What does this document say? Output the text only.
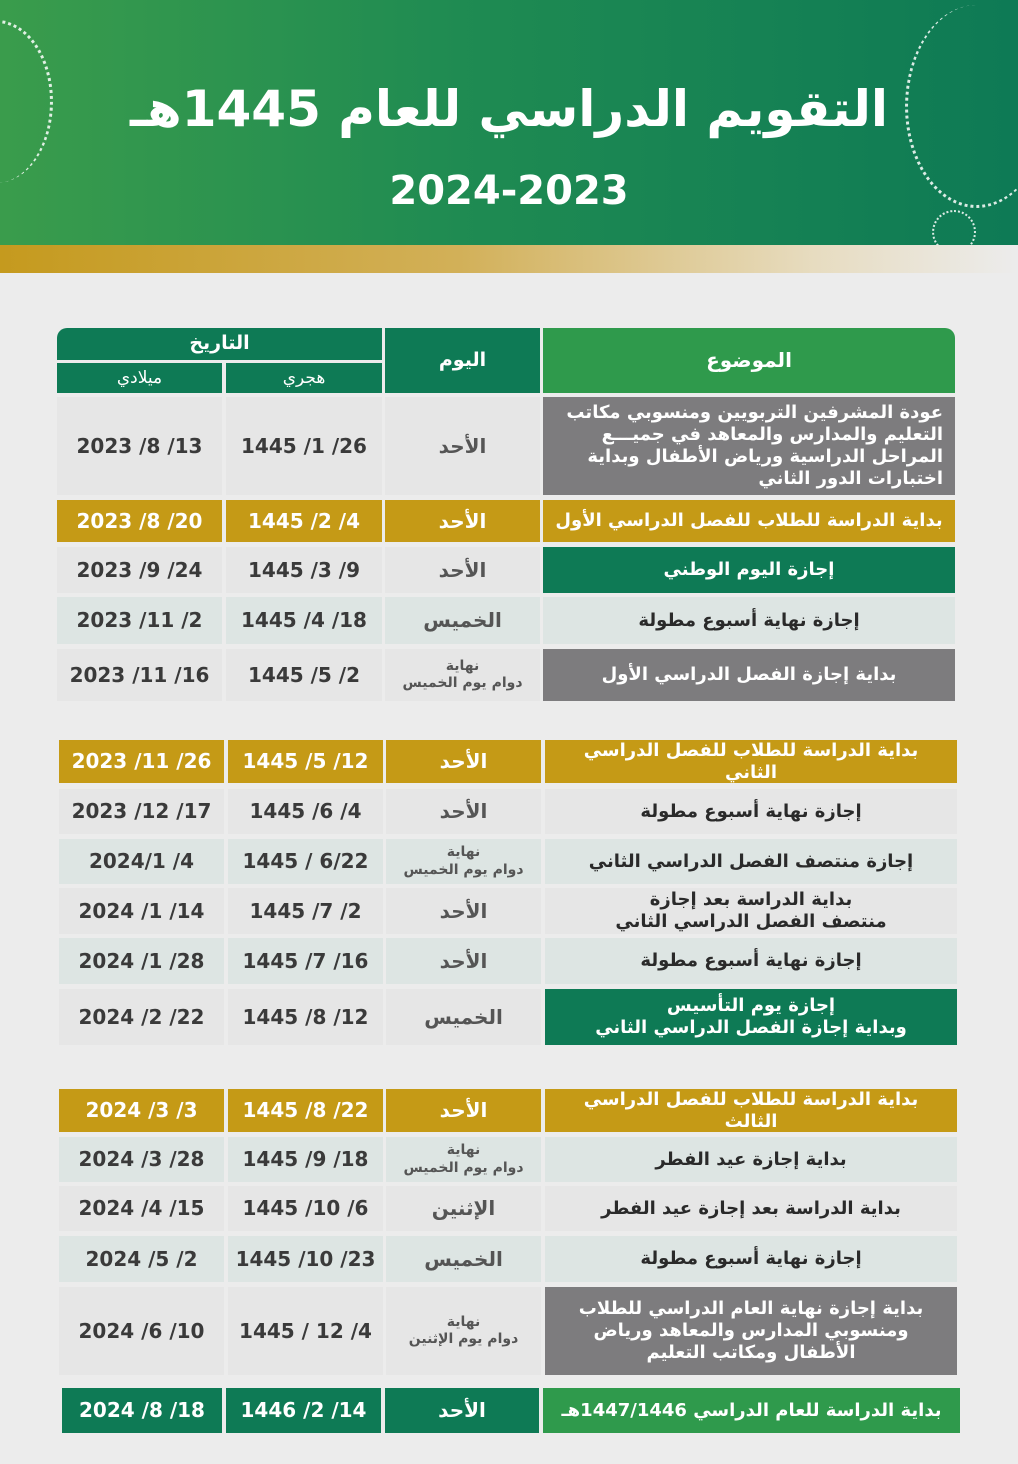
التقويم الدراسي للعام 1445هـ
2024-2023
الموضوع
اليوم
التاريخ
هجري
ميلادي
عودة المشرفين التربويين ومنسوبي مكاتب التعليم والمدارس والمعاهد في جميـــع المراحل الدراسية ورياض الأطفال وبداية اختبارات الدور الثاني
الأحد
1445 /1 /26
2023 /8 /13
بداية الدراسة للطلاب للفصل الدراسي الأول
الأحد
1445 /2 /4
2023 /8 /20
إجازة اليوم الوطني
الأحد
1445 /3 /9
2023 /9 /24
إجازة نهاية أسبوع مطولة
الخميس
1445 /4 /18
2023 /11 /2
بداية إجازة الفصل الدراسي الأول
نهاية
دوام يوم الخميس
1445 /5 /2
2023 /11 /16
بداية الدراسة للطلاب للفصل الدراسي الثاني
الأحد
1445 /5 /12
2023 /11 /26
إجازة نهاية أسبوع مطولة
الأحد
1445 /6 /4
2023 /12 /17
إجازة منتصف الفصل الدراسي الثاني
نهاية
دوام يوم الخميس
1445 / 6/22
2024/1 /4
بداية الدراسة بعد إجازة
منتصف الفصل الدراسي الثاني
الأحد
1445 /7 /2
2024 /1 /14
إجازة نهاية أسبوع مطولة
الأحد
1445 /7 /16
2024 /1 /28
إجازة يوم التأسيس
وبداية إجازة الفصل الدراسي الثاني
الخميس
1445 /8 /12
2024 /2 /22
بداية الدراسة للطلاب للفصل الدراسي الثالث
الأحد
1445 /8 /22
2024 /3 /3
بداية إجازة عيد الفطر
نهاية
دوام يوم الخميس
1445 /9 /18
2024 /3 /28
بداية الدراسة بعد إجازة عيد الفطر
الإثنين
1445 /10 /6
2024 /4 /15
إجازة نهاية أسبوع مطولة
الخميس
1445 /10 /23
2024 /5 /2
بداية إجازة نهاية العام الدراسي للطلاب ومنسوبي المدارس والمعاهد ورياض الأطفال ومكاتب التعليم
نهاية
دوام يوم الإثنين
1445 / 12 /4
2024 /6 /10
بداية الدراسة للعام الدراسي 1447/1446هـ
الأحد
1446 /2 /14
2024 /8 /18
